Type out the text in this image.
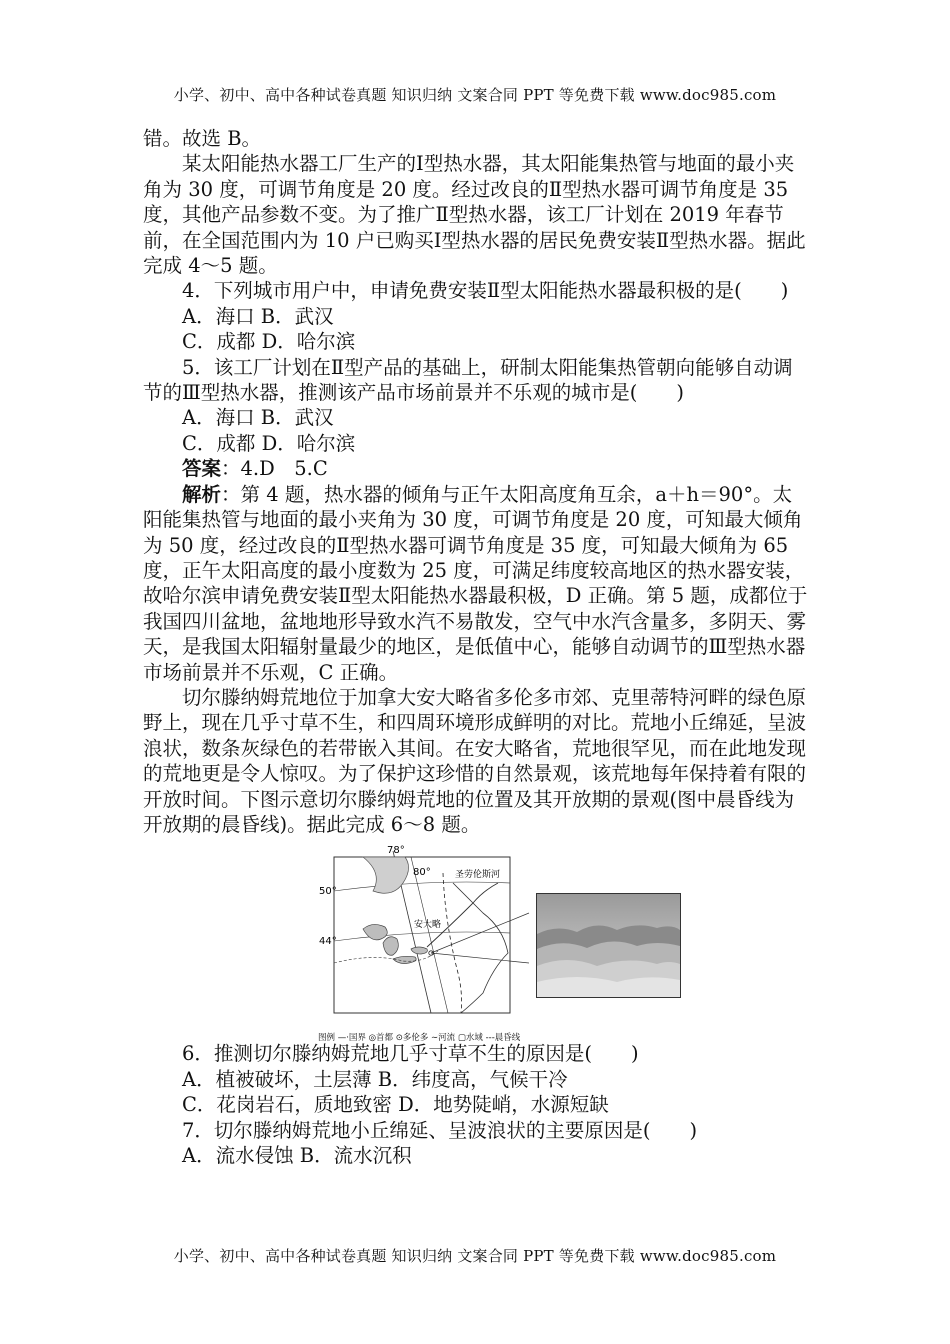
小学、初中、高中各种试卷真题 知识归纳 文案合同 PPT 等免费下载 www.doc985.com

错。故选 B。

某太阳能热水器工厂生产的Ⅰ型热水器，其太阳能集热管与地面的最小夹角为 30 度，可调节角度是 20 度。经过改良的Ⅱ型热水器可调节角度是 35 度，其他产品参数不变。为了推广Ⅱ型热水器，该工厂计划在 2019 年春节前，在全国范围内为 10 户已购买Ⅰ型热水器的居民免费安装Ⅱ型热水器。据此完成 4～5 题。

4．下列城市用户中，申请免费安装Ⅱ型太阳能热水器最积极的是(　　)

A．海口 B．武汉

C．成都 D．哈尔滨

5．该工厂计划在Ⅱ型产品的基础上，研制太阳能集热管朝向能够自动调节的Ⅲ型热水器，推测该产品市场前景并不乐观的城市是(　　)

A．海口 B．武汉

C．成都 D．哈尔滨

答案：4.D　5.C

解析：第 4 题，热水器的倾角与正午太阳高度角互余，a＋h＝90°。太阳能集热管与地面的最小夹角为 30 度，可调节角度是 20 度，可知最大倾角为 50 度，经过改良的Ⅱ型热水器可调节角度是 35 度，可知最大倾角为 65 度，正午太阳高度的最小度数为 25 度，可满足纬度较高地区的热水器安装，故哈尔滨申请免费安装Ⅱ型太阳能热水器最积极，D 正确。第 5 题，成都位于我国四川盆地，盆地地形导致水汽不易散发，空气中水汽含量多，多阴天、雾天，是我国太阳辐射量最少的地区，是低值中心，能够自动调节的Ⅲ型热水器市场前景并不乐观，C 正确。

切尔滕纳姆荒地位于加拿大安大略省多伦多市郊、克里蒂特河畔的绿色原野上，现在几乎寸草不生，和四周环境形成鲜明的对比。荒地小丘绵延，呈波浪状，数条灰绿色的若带嵌入其间。在安大略省，荒地很罕见，而在此地发现的荒地更是令人惊叹。为了保护这珍惜的自然景观，该荒地每年保持着有限的开放时间。下图示意切尔滕纳姆荒地的位置及其开放期的景观(图中晨昏线为开放期的晨昏线)。据此完成 6～8 题。

78°
80°
50°
44°
圣劳伦斯河
安大略
图例 —·国界 ◎首都 ⊙多伦多 ∼河流 ▢水域 ---晨昏线

6．推测切尔滕纳姆荒地几乎寸草不生的原因是(　　)

A．植被破坏，土层薄 B．纬度高，气候干冷

C．花岗岩石，质地致密 D．地势陡峭，水源短缺

7．切尔滕纳姆荒地小丘绵延、呈波浪状的主要原因是(　　)

A．流水侵蚀 B．流水沉积

小学、初中、高中各种试卷真题 知识归纳 文案合同 PPT 等免费下载 www.doc985.com
